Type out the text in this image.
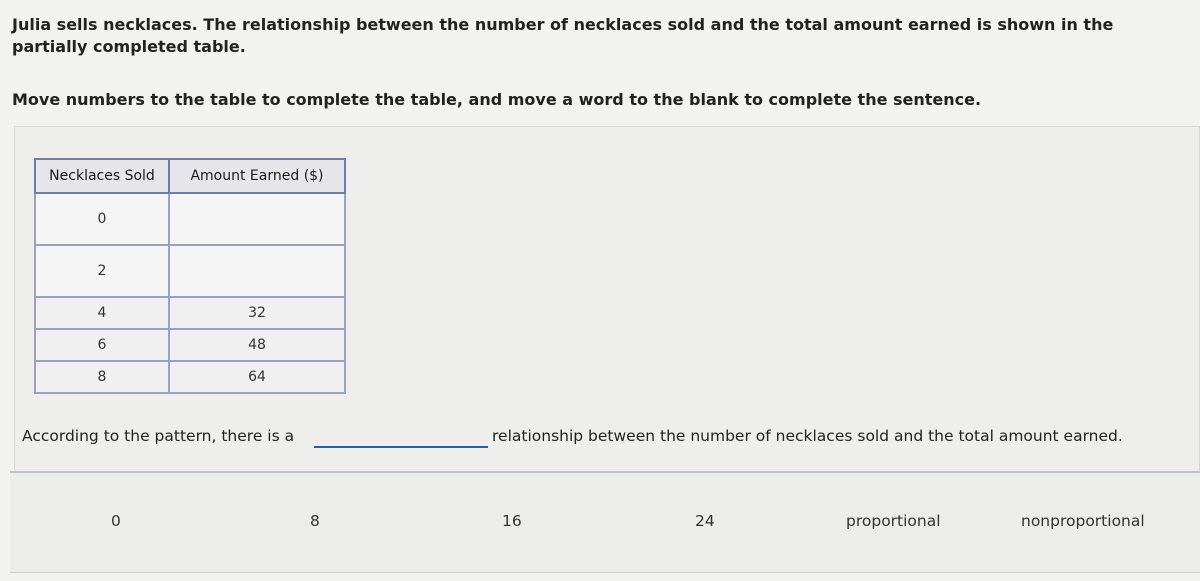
Julia sells necklaces. The relationship between the number of necklaces sold and the total amount earned is shown in the partially completed table.
Move numbers to the table to complete the table, and move a word to the blank to complete the sentence.
Necklaces Sold	Amount Earned ($)
0	
2	
4	32
6	48
8	64
According to the pattern, there is a	relationship between the number of necklaces sold and the total amount earned.
0	8	16	24	proportional	nonproportional
